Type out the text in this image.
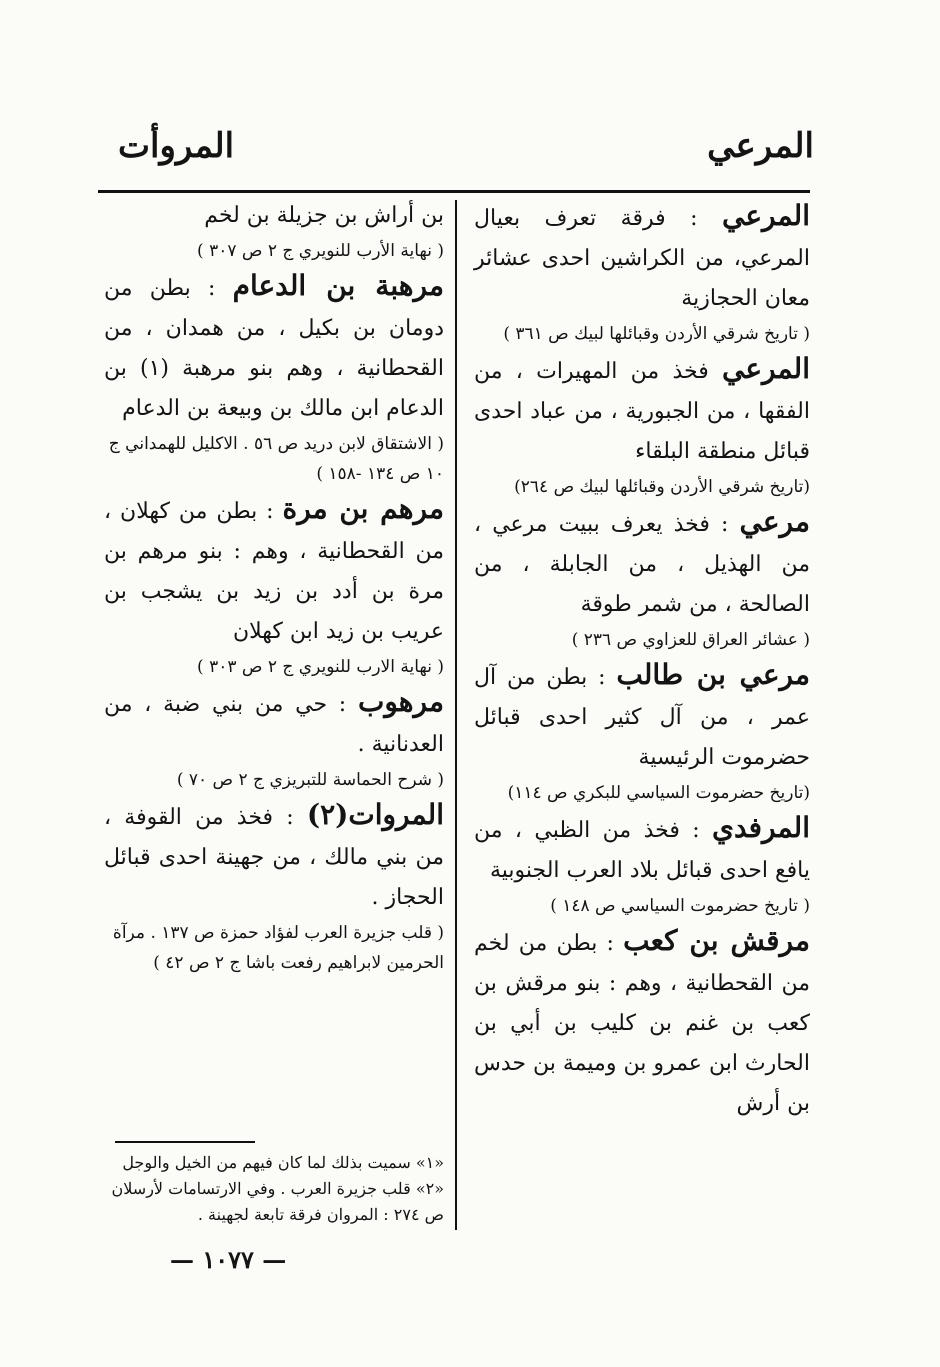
المرعي
المروأت

المرعي : فرقة تعرف بعيال المرعي، من الكراشين احدى عشائر معان الحجازية

( تاريخ شرقي الأردن وقبائلها لبيك ص ٣٦١ )

المرعي فخذ من المهيرات ، من الفقها ، من الجبورية ، من عباد احدى قبائل منطقة البلقاء

(تاريخ شرقي الأردن وقبائلها لبيك ص ٢٦٤)

مرعي : فخذ يعرف ببيت مرعي ، من الهذيل ، من الجابلة ، من الصالحة ، من شمر طوقة

( عشائر العراق للعزاوي ص ٢٣٦ )

مرعي بن طالب : بطن من آل عمر ، من آل كثير احدى قبائل حضرموت الرئيسية

(تاريخ حضرموت السياسي للبكري ص ١١٤)

المرفدي : فخذ من الظبي ، من يافع احدى قبائل بلاد العرب الجنوبية

( تاريخ حضرموت السياسي ص ١٤٨ )

مرقش بن كعب : بطن من لخم من القحطانية ، وهم : بنو مرقش بن كعب بن غنم بن كليب بن أبي بن الحارث ابن عمرو بن وميمة بن حدس بن أرش

بن أراش بن جزيلة بن لخم

( نهاية الأرب للنويري ج ٢ ص ٣٠٧ )

مرهبة بن الدعام : بطن من دومان بن بكيل ، من همدان ، من القحطانية ، وهم بنو مرهبة (١) بن الدعام ابن مالك بن وبيعة بن الدعام

( الاشتقاق لابن دريد ص ٥٦ . الاكليل للهمداني ج ١٠ ص ١٣٤ -١٥٨ )

مرهم بن مرة : بطن من كهلان ، من القحطانية ، وهم : بنو مرهم بن مرة بن أدد بن زيد بن يشجب بن عريب بن زيد ابن كهلان

( نهاية الارب للنويري ج ٢ ص ٣٠٣ )

مرهوب : حي من بني ضبة ، من العدنانية .

( شرح الحماسة للتبريزي ج ٢ ص ٧٠ )

المروات(٢) : فخذ من القوفة ، من بني مالك ، من جهينة احدى قبائل الحجاز .

( قلب جزيرة العرب لفؤاد حمزة ص ١٣٧ . مرآة الحرمين لابراهيم رفعت باشا ج ٢ ص ٤٢ )

«١» سميت بذلك لما كان فيهم من الخيل والوجل

«٢» قلب جزيرة العرب . وفي الارتسامات لأرسلان ص ٢٧٤ : المروان فرقة تابعة لجهينة .

— ١٠٧٧ —
